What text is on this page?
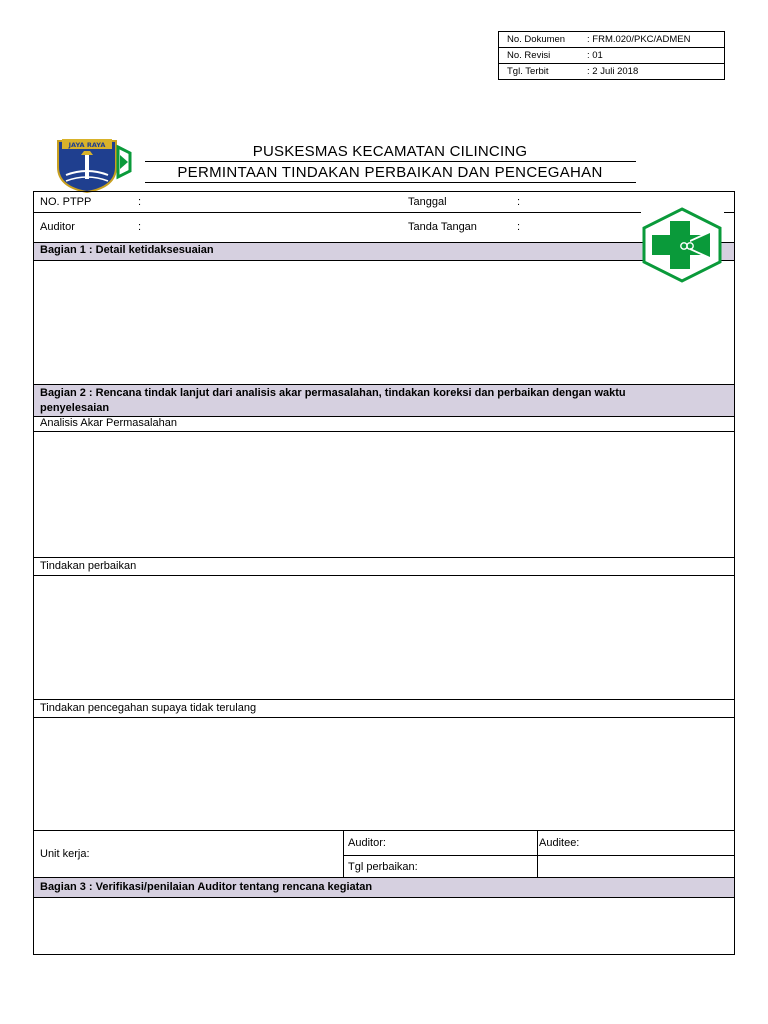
No. Dokumen	: FRM.020/PKC/ADMEN
No. Revisi	: 01
Tgl. Terbit	: 2 Juli 2018
JAYA RAYA	PUSKESMAS KECAMATAN CILINCING
PERMINTAAN TINDAKAN PERBAIKAN DAN PENCEGAHAN
NO. PTPP	:	Tanggal	:
Auditor	:	Tanda Tangan	:
Bagian 1 : Detail ketidaksesuaian
Bagian 2 : Rencana tindak lanjut dari analisis akar permasalahan, tindakan koreksi dan perbaikan dengan waktu
penyelesaian
Analisis Akar Permasalahan
Tindakan perbaikan
Tindakan pencegahan supaya tidak terulang
Unit kerja:
Auditor:	Auditee:
Tgl perbaikan:
Bagian 3 : Verifikasi/penilaian Auditor tentang rencana kegiatan
